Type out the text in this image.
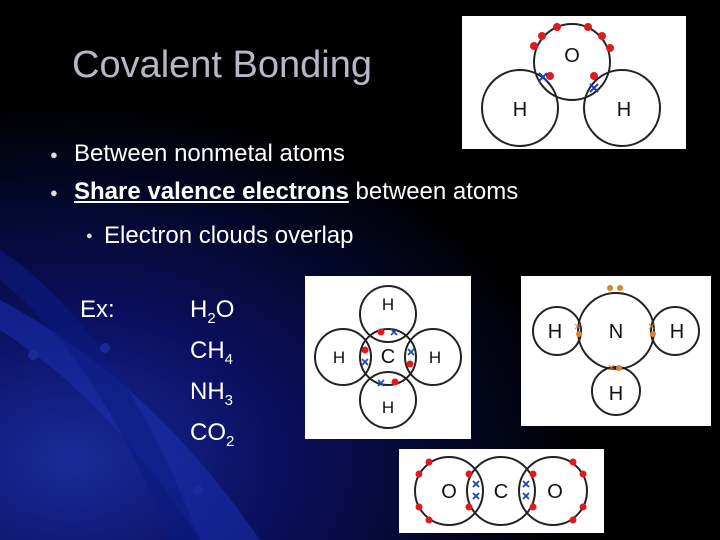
Covalent Bonding
● Between nonmetal atoms
● Share valence electrons between atoms
● Electron clouds overlap
Ex:	$H_2O$
$CH_4$
$NH_3$
$CO_2$
O
H	H
H
H C H
H
H N H
H
O C O
